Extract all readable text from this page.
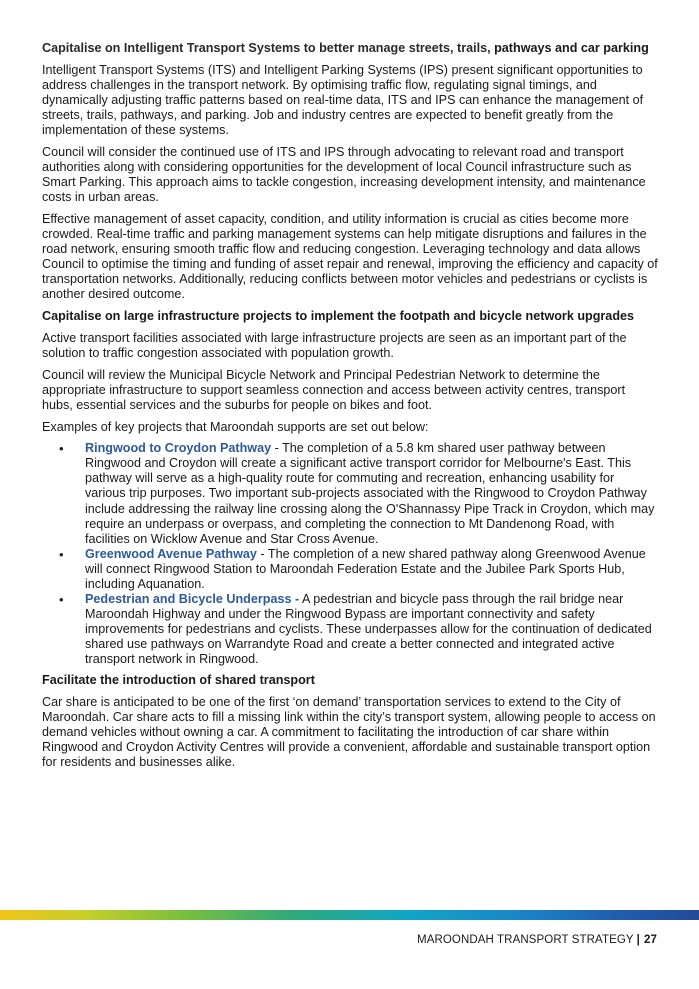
Capitalise on Intelligent Transport Systems to better manage streets, trails, pathways and car parking

Intelligent Transport Systems (ITS) and Intelligent Parking Systems (IPS) present significant opportunities to address challenges in the transport network. By optimising traffic flow, regulating signal timings, and dynamically adjusting traffic patterns based on real-time data, ITS and IPS can enhance the management of streets, trails, pathways, and parking. Job and industry centres are expected to benefit greatly from the implementation of these systems.

Council will consider the continued use of ITS and IPS through advocating to relevant road and transport authorities along with considering opportunities for the development of local Council infrastructure such as Smart Parking. This approach aims to tackle congestion, increasing development intensity, and maintenance costs in urban areas.

Effective management of asset capacity, condition, and utility information is crucial as cities become more crowded. Real-time traffic and parking management systems can help mitigate disruptions and failures in the road network, ensuring smooth traffic flow and reducing congestion. Leveraging technology and data allows Council to optimise the timing and funding of asset repair and renewal, improving the efficiency and capacity of transportation networks. Additionally, reducing conflicts between motor vehicles and pedestrians or cyclists is another desired outcome.

Capitalise on large infrastructure projects to implement the footpath and bicycle network upgrades

Active transport facilities associated with large infrastructure projects are seen as an important part of the solution to traffic congestion associated with population growth.

Council will review the Municipal Bicycle Network and Principal Pedestrian Network to determine the appropriate infrastructure to support seamless connection and access between activity centres, transport hubs, essential services and the suburbs for people on bikes and foot.

Examples of key projects that Maroondah supports are set out below:

• Ringwood to Croydon Pathway - The completion of a 5.8 km shared user pathway between Ringwood and Croydon will create a significant active transport corridor for Melbourne's East. This pathway will serve as a high-quality route for commuting and recreation, enhancing usability for various trip purposes. Two important sub-projects associated with the Ringwood to Croydon Pathway include addressing the railway line crossing along the O'Shannassy Pipe Track in Croydon, which may require an underpass or overpass, and completing the connection to Mt Dandenong Road, with facilities on Wicklow Avenue and Star Cross Avenue.
• Greenwood Avenue Pathway - The completion of a new shared pathway along Greenwood Avenue will connect Ringwood Station to Maroondah Federation Estate and the Jubilee Park Sports Hub, including Aquanation.
• Pedestrian and Bicycle Underpass - A pedestrian and bicycle pass through the rail bridge near Maroondah Highway and under the Ringwood Bypass are important connectivity and safety improvements for pedestrians and cyclists. These underpasses allow for the continuation of dedicated shared use pathways on Warrandyte Road and create a better connected and integrated active transport network in Ringwood.
Facilitate the introduction of shared transport

Car share is anticipated to be one of the first ‘on demand’ transportation services to extend to the City of Maroondah. Car share acts to fill a missing link within the city’s transport system, allowing people to access on demand vehicles without owning a car. A commitment to facilitating the introduction of car share within Ringwood and Croydon Activity Centres will provide a convenient, affordable and sustainable transport option for residents and businesses alike.

MAROONDAH TRANSPORT STRATEGY | 27
